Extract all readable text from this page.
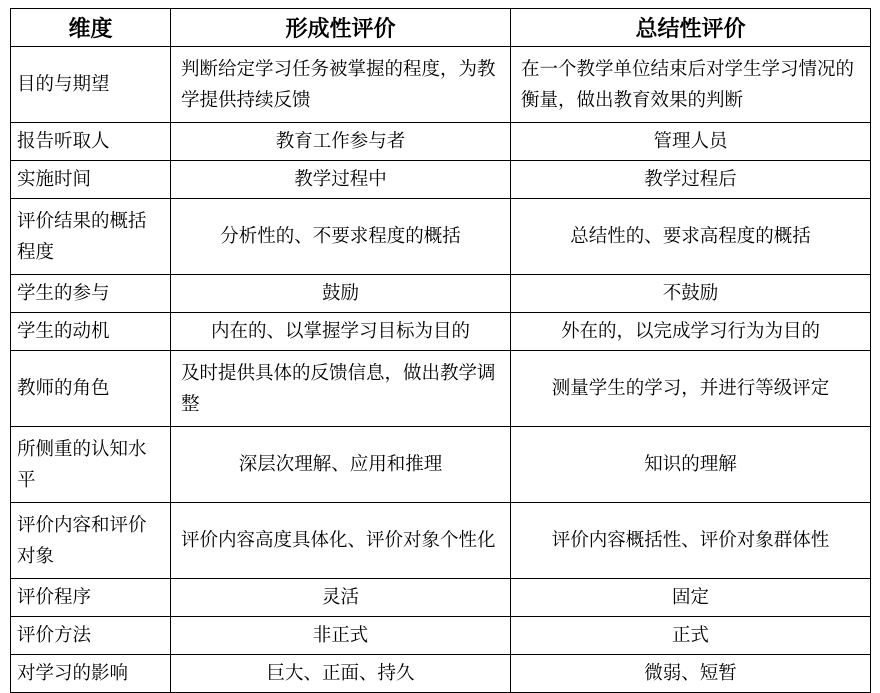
维度	形成性评价	总结性评价
目的与期望	判断给定学习任务被掌握的程度，为教学提供持续反馈	在一个教学单位结束后对学生学习情况的衡量，做出教育效果的判断
报告听取人	教育工作参与者	管理人员
实施时间	教学过程中	教学过程后
评价结果的概括程度	分析性的、不要求程度的概括	总结性的、要求高程度的概括
学生的参与	鼓励	不鼓励
学生的动机	内在的、以掌握学习目标为目的	外在的，以完成学习行为为目的
教师的角色	及时提供具体的反馈信息，做出教学调整	测量学生的学习，并进行等级评定
所侧重的认知水平	深层次理解、应用和推理	知识的理解
评价内容和评价对象	评价内容高度具体化、评价对象个性化	评价内容概括性、评价对象群体性
评价程序	灵活	固定
评价方法	非正式	正式
对学习的影响	巨大、正面、持久	微弱、短暂
